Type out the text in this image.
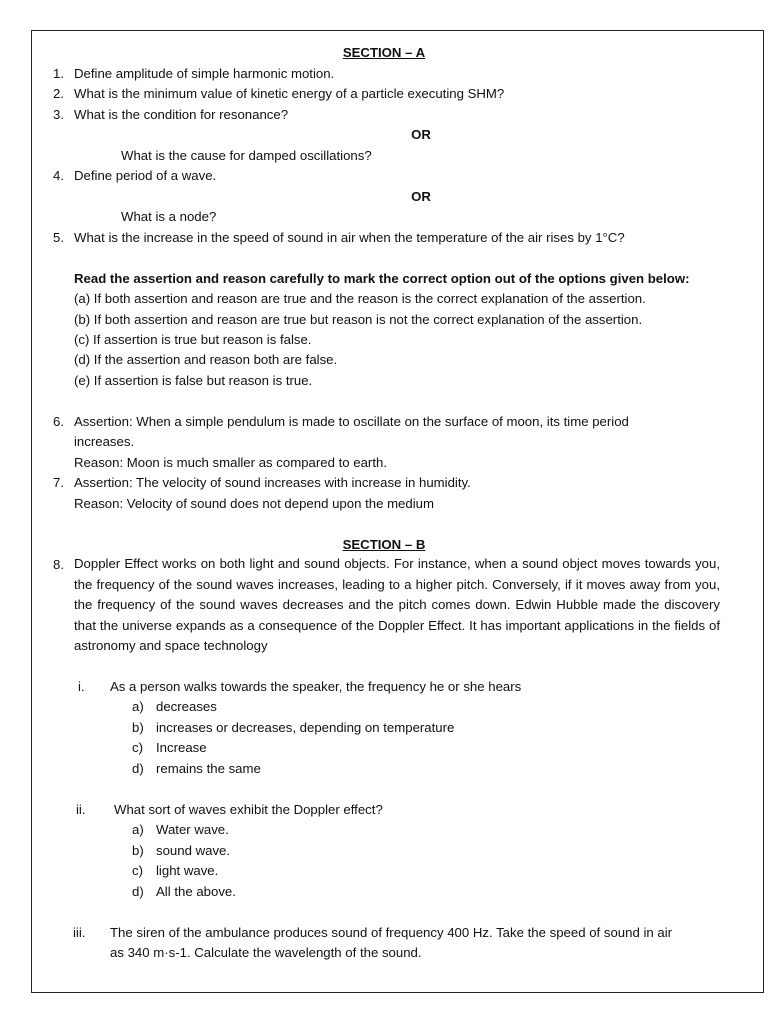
SECTION – A
1. Define amplitude of simple harmonic motion.
2. What is the minimum value of kinetic energy of a particle executing SHM?
3. What is the condition for resonance?
OR
What is the cause for damped oscillations?
4. Define period of a wave.
OR
What is a node?
5. What is the increase in the speed of sound in air when the temperature of the air rises by 1°C?
Read the assertion and reason carefully to mark the correct option out of the options given below:
(a) If both assertion and reason are true and the reason is the correct explanation of the assertion.
(b) If both assertion and reason are true but reason is not the correct explanation of the assertion.
(c) If assertion is true but reason is false.
(d) If the assertion and reason both are false.
(e) If assertion is false but reason is true.
6. Assertion: When a simple pendulum is made to oscillate on the surface of moon, its time period
increases.
Reason: Moon is much smaller as compared to earth.
7. Assertion: The velocity of sound increases with increase in humidity.
Reason: Velocity of sound does not depend upon the medium
SECTION – B
8. Doppler Effect works on both light and sound objects. For instance, when a sound object moves towards you, the frequency of the sound waves increases, leading to a higher pitch. Conversely, if it moves away from you, the frequency of the sound waves decreases and the pitch comes down. Edwin Hubble made the discovery that the universe expands as a consequence of the Doppler Effect. It has important applications in the fields of astronomy and space technology
i. As a person walks towards the speaker, the frequency he or she hears
a) decreases
b) increases or decreases, depending on temperature
c) Increase
d) remains the same
ii. What sort of waves exhibit the Doppler effect?
a) Water wave.
b) sound wave.
c) light wave.
d) All the above.
iii. The siren of the ambulance produces sound of frequency 400 Hz. Take the speed of sound in air
as 340 m·s-1. Calculate the wavelength of the sound.
